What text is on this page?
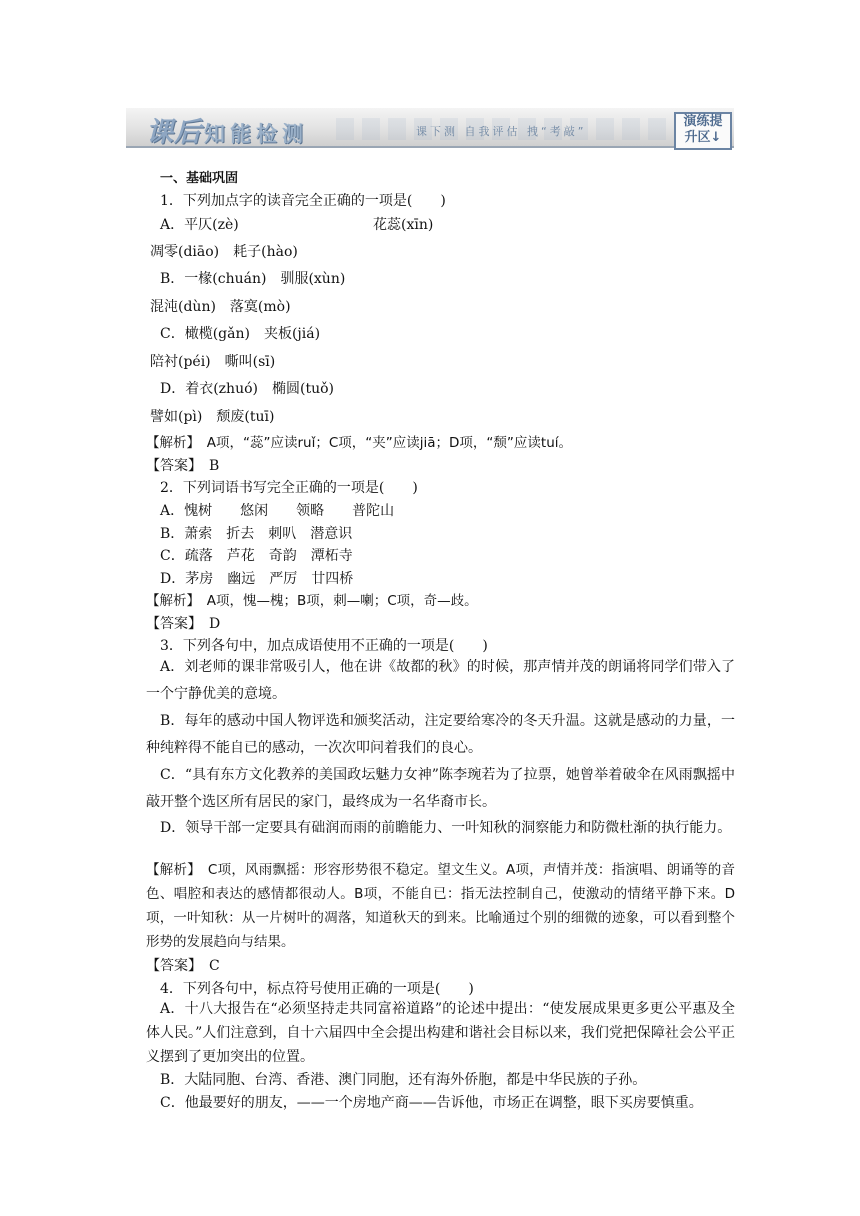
课后知能检测	课下测 自我评估 拽“考敲”
演练提
升区↓
一、基础巩固
1．下列加点字的读音完全正确的一项是(　　)
A．平仄(zè)	花蕊(xīn)
凋零(diāo)　耗子(hào)
B．一椽(chuán)　驯服(xùn)
混沌(dùn)　落寞(mò)
C．橄榄(gǎn)　夹板(jiá)
陪衬(péi)　嘶叫(sī)
D．着衣(zhuó)　椭圆(tuǒ)
譬如(pì)　颓废(tuī)
【解析】　A项，“蕊”应读ruǐ；C项，“夹”应读jiā；D项，“颓”应读tuí。
【答案】　B
2．下列词语书写完全正确的一项是(　　)
A．愧树　　悠闲　　领略　　普陀山
B．萧索　折去　刺叭　潜意识
C．疏落　芦花　奇韵　潭柘寺
D．茅房　幽远　严厉　廿四桥
【解析】　A项，愧—槐；B项，刺—喇；C项，奇—歧。
【答案】　D
3．下列各句中，加点成语使用不正确的一项是(　　)
A．刘老师的课非常吸引人，他在讲《故都的秋》的时候，那声情并茂的朗诵将同学们带入了一个宁静优美的意境。
B．每年的感动中国人物评选和颁奖活动，注定要给寒冷的冬天升温。这就是感动的力量，一种纯粹得不能自已的感动，一次次叩问着我们的良心。
C．“具有东方文化教养的美国政坛魅力女神”陈李琬若为了拉票，她曾举着破伞在风雨飘摇中敲开整个选区所有居民的家门，最终成为一名华裔市长。
D．领导干部一定要具有础润而雨的前瞻能力、一叶知秋的洞察能力和防微杜渐的执行能力。
【解析】　C项，风雨飘摇：形容形势很不稳定。望文生义。A项，声情并茂：指演唱、朗诵等的音色、唱腔和表达的感情都很动人。B项，不能自已：指无法控制自己，使激动的情绪平静下来。D项，一叶知秋：从一片树叶的凋落，知道秋天的到来。比喻通过个别的细微的迹象，可以看到整个形势的发展趋向与结果。
【答案】　C
4．下列各句中，标点符号使用正确的一项是(　　)
A．十八大报告在“必须坚持走共同富裕道路”的论述中提出：“使发展成果更多更公平惠及全体人民。”人们注意到，自十六届四中全会提出构建和谐社会目标以来，我们党把保障社会公平正义摆到了更加突出的位置。
B．大陆同胞、台湾、香港、澳门同胞，还有海外侨胞，都是中华民族的子孙。
C．他最要好的朋友，——一个房地产商——告诉他，市场正在调整，眼下买房要慎重。
